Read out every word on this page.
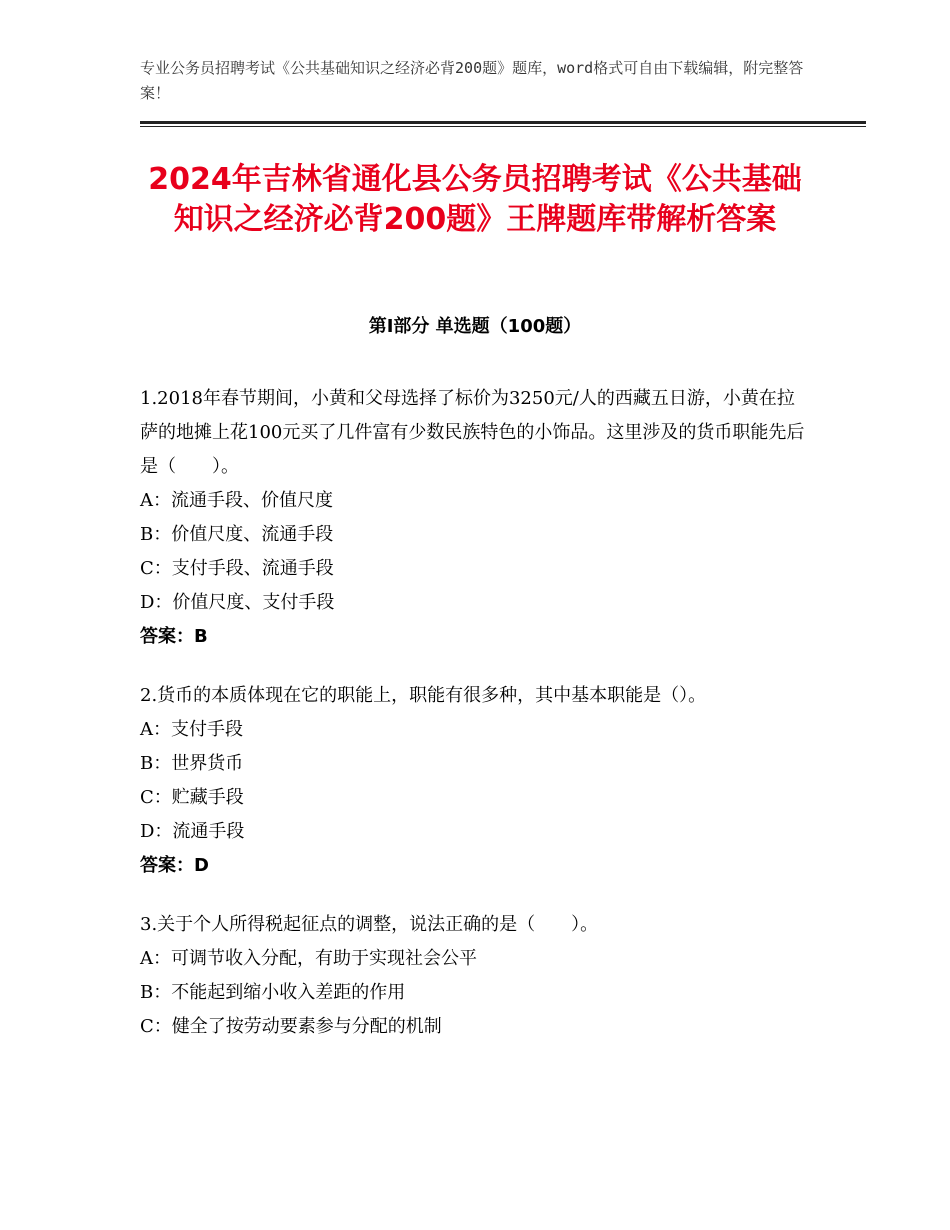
专业公务员招聘考试《公共基础知识之经济必背200题》题库，word格式可自由下载编辑，附完整答案！
2024年吉林省通化县公务员招聘考试《公共基础知识之经济必背200题》王牌题库带解析答案
第Ⅰ部分 单选题（100题）

1.2018年春节期间，小黄和父母选择了标价为3250元/人的西藏五日游，小黄在拉萨的地摊上花100元买了几件富有少数民族特色的小饰品。这里涉及的货币职能先后是（　　）。

A：流通手段、价值尺度

B：价值尺度、流通手段

C：支付手段、流通手段

D：价值尺度、支付手段

答案：B

2.货币的本质体现在它的职能上，职能有很多种，其中基本职能是（）。

A：支付手段

B：世界货币

C：贮藏手段

D：流通手段

答案：D

3.关于个人所得税起征点的调整，说法正确的是（　　）。

A：可调节收入分配，有助于实现社会公平

B：不能起到缩小收入差距的作用

C：健全了按劳动要素参与分配的机制
